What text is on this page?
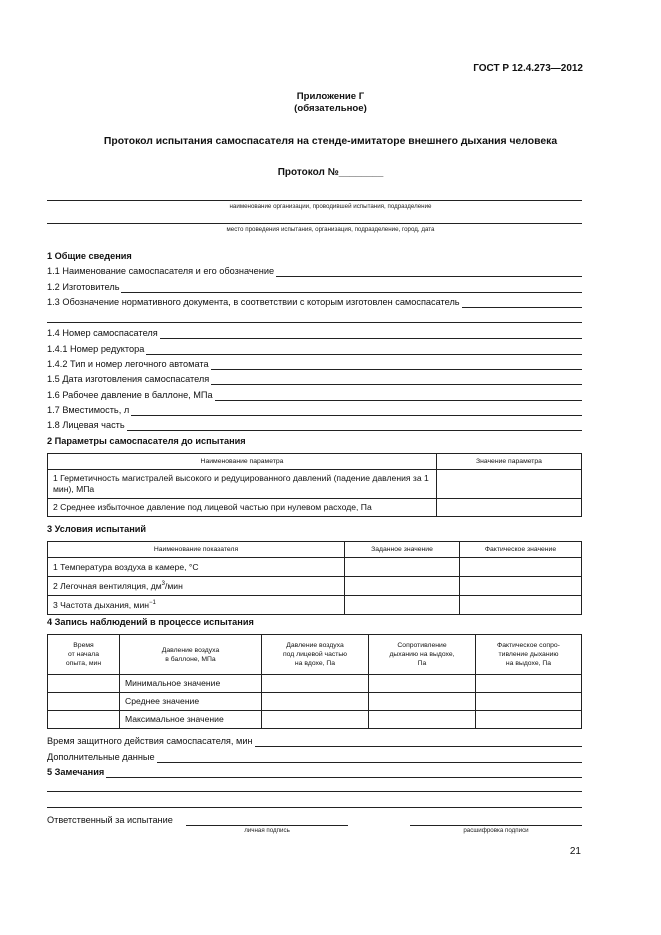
ГОСТ Р 12.4.273—2012
Приложение Г
(обязательное)
Протокол испытания самоспасателя на стенде-имитаторе внешнего дыхания человека
Протокол №________
наименование организации, проводившей испытания, подразделение
место проведения испытания, организация, подразделение, город, дата
1 Общие сведения
1.1 Наименование самоспасателя и его обозначение
1.2 Изготовитель
1.3 Обозначение нормативного документа, в соответствии с которым изготовлен самоспасатель
1.4 Номер самоспасателя
1.4.1 Номер редуктора
1.4.2 Тип и номер легочного автомата
1.5 Дата изготовления самоспасателя
1.6 Рабочее давление в баллоне, МПа
1.7 Вместимость, л
1.8 Лицевая часть
2 Параметры самоспасателя до испытания
Наименование параметра	Значение параметра
1 Герметичность магистралей высокого и редуцированного давлений (падение давления за 1 мин), МПа	
2 Среднее избыточное давление под лицевой частью при нулевом расходе, Па	
3 Условия испытаний
Наименование показателя	Заданное значение	Фактическое значение
1 Температура воздуха в камере, °С		
2 Легочная вентиляция, $дм^3$/мин		
3 Частота дыхания, мин$^{-1}$		
4 Запись наблюдений в процессе испытания
Время
от начала
опыта, мин	Давление воздуха
в баллоне, МПа	Давление воздуха
под лицевой частью
на вдохе, Па	Сопротивление
дыханию на выдохе,
Па	Фактическое сопро-
тивление дыханию
на выдохе, Па
	Минимальное значение			
	Среднее значение			
	Максимальное значение			
Время защитного действия самоспасателя, мин
Дополнительные данные
5 Замечания
Ответственный за испытание
личная подпись	расшифровка подписи
21
